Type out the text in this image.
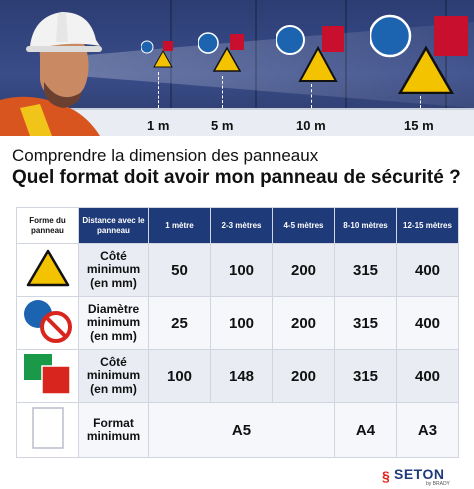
1 m	5 m	10 m	15 m
Comprendre la dimension des panneaux
Quel format doit avoir mon panneau de sécurité ?
Forme du panneau	Distance avec le panneau	1 mètre	2-3 mètres	4-5 mètres	8-10 mètres	12-15 mètres
	Côté minimum (en mm)	50	100	200	315	400
	Diamètre minimum (en mm)	25	100	200	315	400
	Côté minimum (en mm)	100	148	200	315	400
	Format minimum	A5			A4	A3
§ SETON
by BRADY
